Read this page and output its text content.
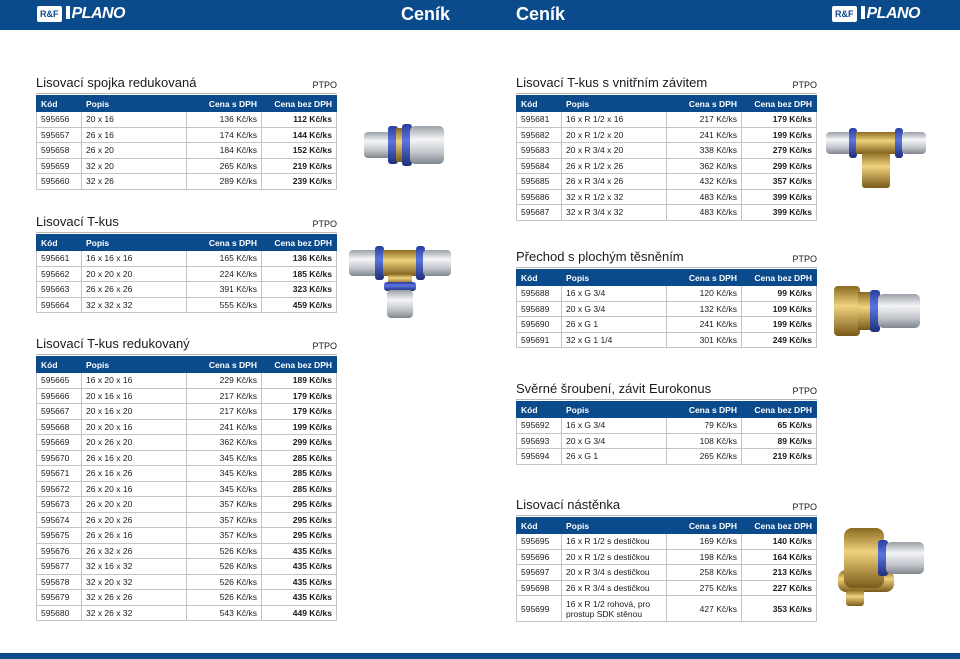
R&F PLANO	Ceník	Ceník	R&F PLANO
Lisovací spojka redukovaná	PTPO
Kód	Popis	Cena s DPH	Cena bez DPH
595656	20 x 16	136 Kč/ks	112 Kč/ks
595657	26 x 16	174 Kč/ks	144 Kč/ks
595658	26 x 20	184 Kč/ks	152 Kč/ks
595659	32 x 20	265 Kč/ks	219 Kč/ks
595660	32 x 26	289 Kč/ks	239 Kč/ks
Lisovací T-kus	PTPO
Kód	Popis	Cena s DPH	Cena bez DPH
595661	16 x 16 x 16	165 Kč/ks	136 Kč/ks
595662	20 x 20 x 20	224 Kč/ks	185 Kč/ks
595663	26 x 26 x 26	391 Kč/ks	323 Kč/ks
595664	32 x 32 x 32	555 Kč/ks	459 Kč/ks
Lisovací T-kus redukovaný	PTPO
Kód	Popis	Cena s DPH	Cena bez DPH
595665	16 x 20 x 16	229 Kč/ks	189 Kč/ks
595666	20 x 16 x 16	217 Kč/ks	179 Kč/ks
595667	20 x 16 x 20	217 Kč/ks	179 Kč/ks
595668	20 x 20 x 16	241 Kč/ks	199 Kč/ks
595669	20 x 26 x 20	362 Kč/ks	299 Kč/ks
595670	26 x 16 x 20	345 Kč/ks	285 Kč/ks
595671	26 x 16 x 26	345 Kč/ks	285 Kč/ks
595672	26 x 20 x 16	345 Kč/ks	285 Kč/ks
595673	26 x 20 x 20	357 Kč/ks	295 Kč/ks
595674	26 x 20 x 26	357 Kč/ks	295 Kč/ks
595675	26 x 26 x 16	357 Kč/ks	295 Kč/ks
595676	26 x 32 x 26	526 Kč/ks	435 Kč/ks
595677	32 x 16 x 32	526 Kč/ks	435 Kč/ks
595678	32 x 20 x 32	526 Kč/ks	435 Kč/ks
595679	32 x 26 x 26	526 Kč/ks	435 Kč/ks
595680	32 x 26 x 32	543 Kč/ks	449 Kč/ks
Lisovací T-kus s vnitřním závitem	PTPO
Kód	Popis	Cena s DPH	Cena bez DPH
595681	16 x R 1/2 x 16	217 Kč/ks	179 Kč/ks
595682	20 x R 1/2 x 20	241 Kč/ks	199 Kč/ks
595683	20 x R 3/4 x 20	338 Kč/ks	279 Kč/ks
595684	26 x R 1/2 x 26	362 Kč/ks	299 Kč/ks
595685	26 x R 3/4 x 26	432 Kč/ks	357 Kč/ks
595686	32 x R 1/2 x 32	483 Kč/ks	399 Kč/ks
595687	32 x R 3/4 x 32	483 Kč/ks	399 Kč/ks
Přechod s plochým těsněním	PTPO
Kód	Popis	Cena s DPH	Cena bez DPH
595688	16 x G 3/4	120 Kč/ks	99 Kč/ks
595689	20 x G 3/4	132 Kč/ks	109 Kč/ks
595690	26 x G 1	241 Kč/ks	199 Kč/ks
595691	32 x G 1 1/4	301 Kč/ks	249 Kč/ks
Svěrné šroubení, závit Eurokonus	PTPO
Kód	Popis	Cena s DPH	Cena bez DPH
595692	16 x G 3/4	79 Kč/ks	65 Kč/ks
595693	20 x G 3/4	108 Kč/ks	89 Kč/ks
595694	26 x G 1	265 Kč/ks	219 Kč/ks
Lisovací nástěnka	PTPO
Kód	Popis	Cena s DPH	Cena bez DPH
595695	16 x R 1/2 s destičkou	169 Kč/ks	140 Kč/ks
595696	20 x R 1/2 s destičkou	198 Kč/ks	164 Kč/ks
595697	20 x R 3/4 s destičkou	258 Kč/ks	213 Kč/ks
595698	26 x R 3/4 s destičkou	275 Kč/ks	227 Kč/ks
595699	16 x R 1/2 rohová, pro prostup SDK stěnou	427 Kč/ks	353 Kč/ks
